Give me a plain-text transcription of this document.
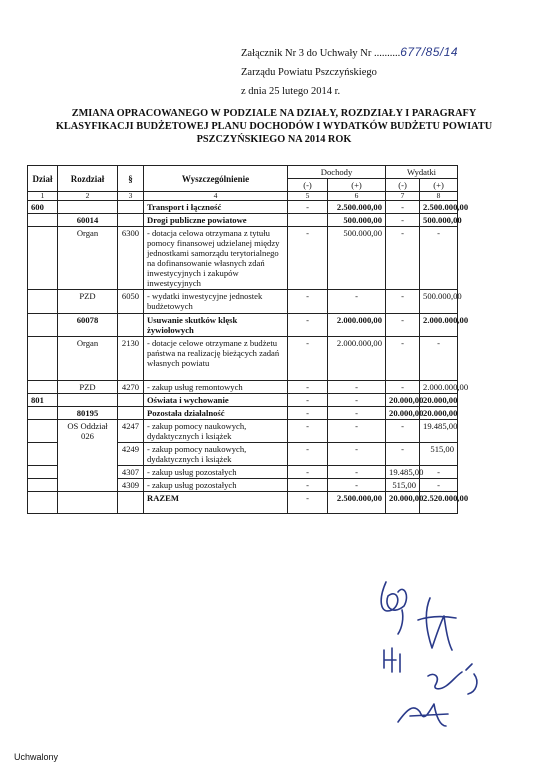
Załącznik Nr 3 do Uchwały Nr ..........677/85/14
Zarządu Powiatu Pszczyńskiego
z dnia 25 lutego 2014 r.
ZMIANA OPRACOWANEGO W PODZIALE NA DZIAŁY, ROZDZIAŁY I PARAGRAFY
KLASYFIKACJI BUDŻETOWEJ PLANU DOCHODÓW I WYDATKÓW BUDŻETU POWIATU
PSZCZYŃSKIEGO NA 2014 ROK
Dział	Rozdział	§	Wyszczególnienie	Dochody		Wydatki	
				(-)	(+)	(-)	(+)
1	2	3	4	5	6	7	8
600			Transport i łączność	-	2.500.000,00	-	2.500.000,00
	60014		Drogi publiczne powiatowe		500.000,00	-	500.000,00
	Organ	6300	- dotacja celowa otrzymana z tytułu pomocy finansowej udzielanej między jednostkami samorządu terytorialnego na dofinansowanie własnych zdań inwestycyjnych i zakupów inwestycyjnych	-	500.000,00	-	-
	PZD	6050	- wydatki inwestycyjne jednostek budżetowych	-	-	-	500.000,00
	60078		Usuwanie skutków klęsk żywiołowych	-	2.000.000,00	-	2.000.000,00
	Organ	2130	- dotacje celowe otrzymane z budżetu państwa na realizację bieżących zadań własnych powiatu	-	2.000.000,00	-	-
	PZD	4270	- zakup usług remontowych	-	-	-	2.000.000,00
801			Oświata i wychowanie	-	-	20.000,00	20.000,00
	80195		Pozostała działalność	-	-	20.000,00	20.000,00
	OS Oddział 026	4247	- zakup pomocy naukowych, dydaktycznych i książek	-	-	-	19.485,00
		4249	- zakup pomocy naukowych, dydaktycznych i książek	-	-	-	515,00
		4307	- zakup usług pozostałych	-	-	19.485,00	-
		4309	- zakup usług pozostałych	-	-	515,00	-
			RAZEM	-	2.500.000,00	20.000,00	2.520.000,00
Uchwalony
